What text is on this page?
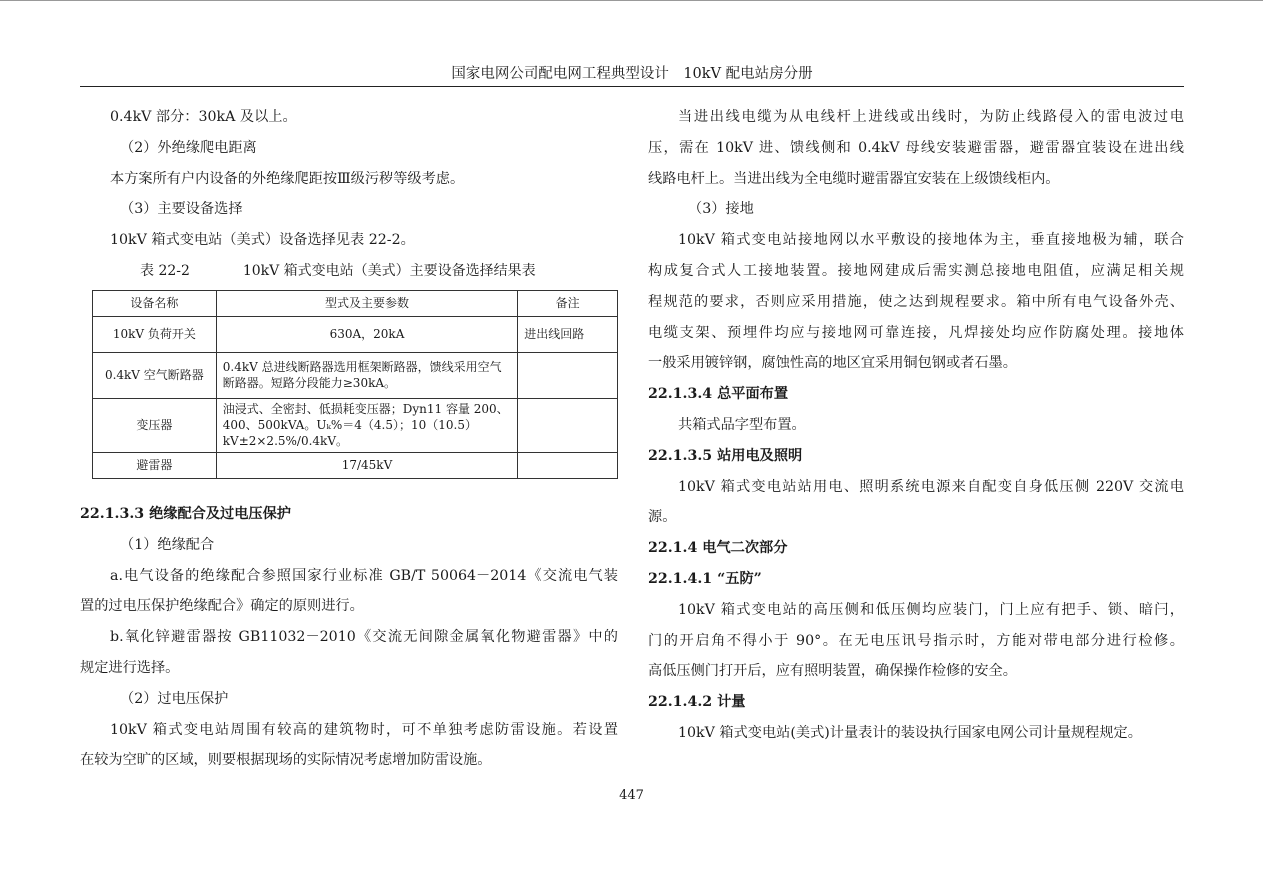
国家电网公司配电网工程典型设计　10kV 配电站房分册
0.4kV 部分：30kA 及以上。
（2）外绝缘爬电距离
本方案所有户内设备的外绝缘爬距按Ⅲ级污秽等级考虑。
（3）主要设备选择
10kV 箱式变电站（美式）设备选择见表 22-2。
表 22-2	10kV 箱式变电站（美式）主要设备选择结果表
设备名称	型式及主要参数	备注
10kV 负荷开关	630A，20kA	进出线回路
0.4kV 空气断路器	0.4kV 总进线断路器选用框架断路器，馈线采用空气断路器。短路分段能力≥30kA。	
变压器	油浸式、全密封、低损耗变压器；Dyn11 容量 200、400、500kVA。Uₖ%＝4（4.5）；10（10.5）kV±2×2.5%/0.4kV。	
避雷器	17/45kV	
22.1.3.3 绝缘配合及过电压保护
（1）绝缘配合
a.电气设备的绝缘配合参照国家行业标准 GB/T 50064－2014《交流电气装
置的过电压保护绝缘配合》确定的原则进行。
b.氧化锌避雷器按 GB11032－2010《交流无间隙金属氧化物避雷器》中的
规定进行选择。
（2）过电压保护
10kV 箱式变电站周围有较高的建筑物时，可不单独考虑防雷设施。若设置
在较为空旷的区域，则要根据现场的实际情况考虑增加防雷设施。
当进出线电缆为从电线杆上进线或出线时，为防止线路侵入的雷电波过电
压，需在 10kV 进、馈线侧和 0.4kV 母线安装避雷器，避雷器宜装设在进出线
线路电杆上。当进出线为全电缆时避雷器宜安装在上级馈线柜内。
（3）接地
10kV 箱式变电站接地网以水平敷设的接地体为主，垂直接地极为辅，联合
构成复合式人工接地装置。接地网建成后需实测总接地电阻值，应满足相关规
程规范的要求，否则应采用措施，使之达到规程要求。箱中所有电气设备外壳、
电缆支架、预埋件均应与接地网可靠连接，凡焊接处均应作防腐处理。接地体
一般采用镀锌钢，腐蚀性高的地区宜采用铜包钢或者石墨。
22.1.3.4 总平面布置
共箱式品字型布置。
22.1.3.5 站用电及照明
10kV 箱式变电站站用电、照明系统电源来自配变自身低压侧 220V 交流电
源。
22.1.4 电气二次部分
22.1.4.1 “五防”
10kV 箱式变电站的高压侧和低压侧均应装门，门上应有把手、锁、暗闩，
门的开启角不得小于 90°。在无电压讯号指示时，方能对带电部分进行检修。
高低压侧门打开后，应有照明装置，确保操作检修的安全。
22.1.4.2 计量
10kV 箱式变电站(美式)计量表计的装设执行国家电网公司计量规程规定。
447
